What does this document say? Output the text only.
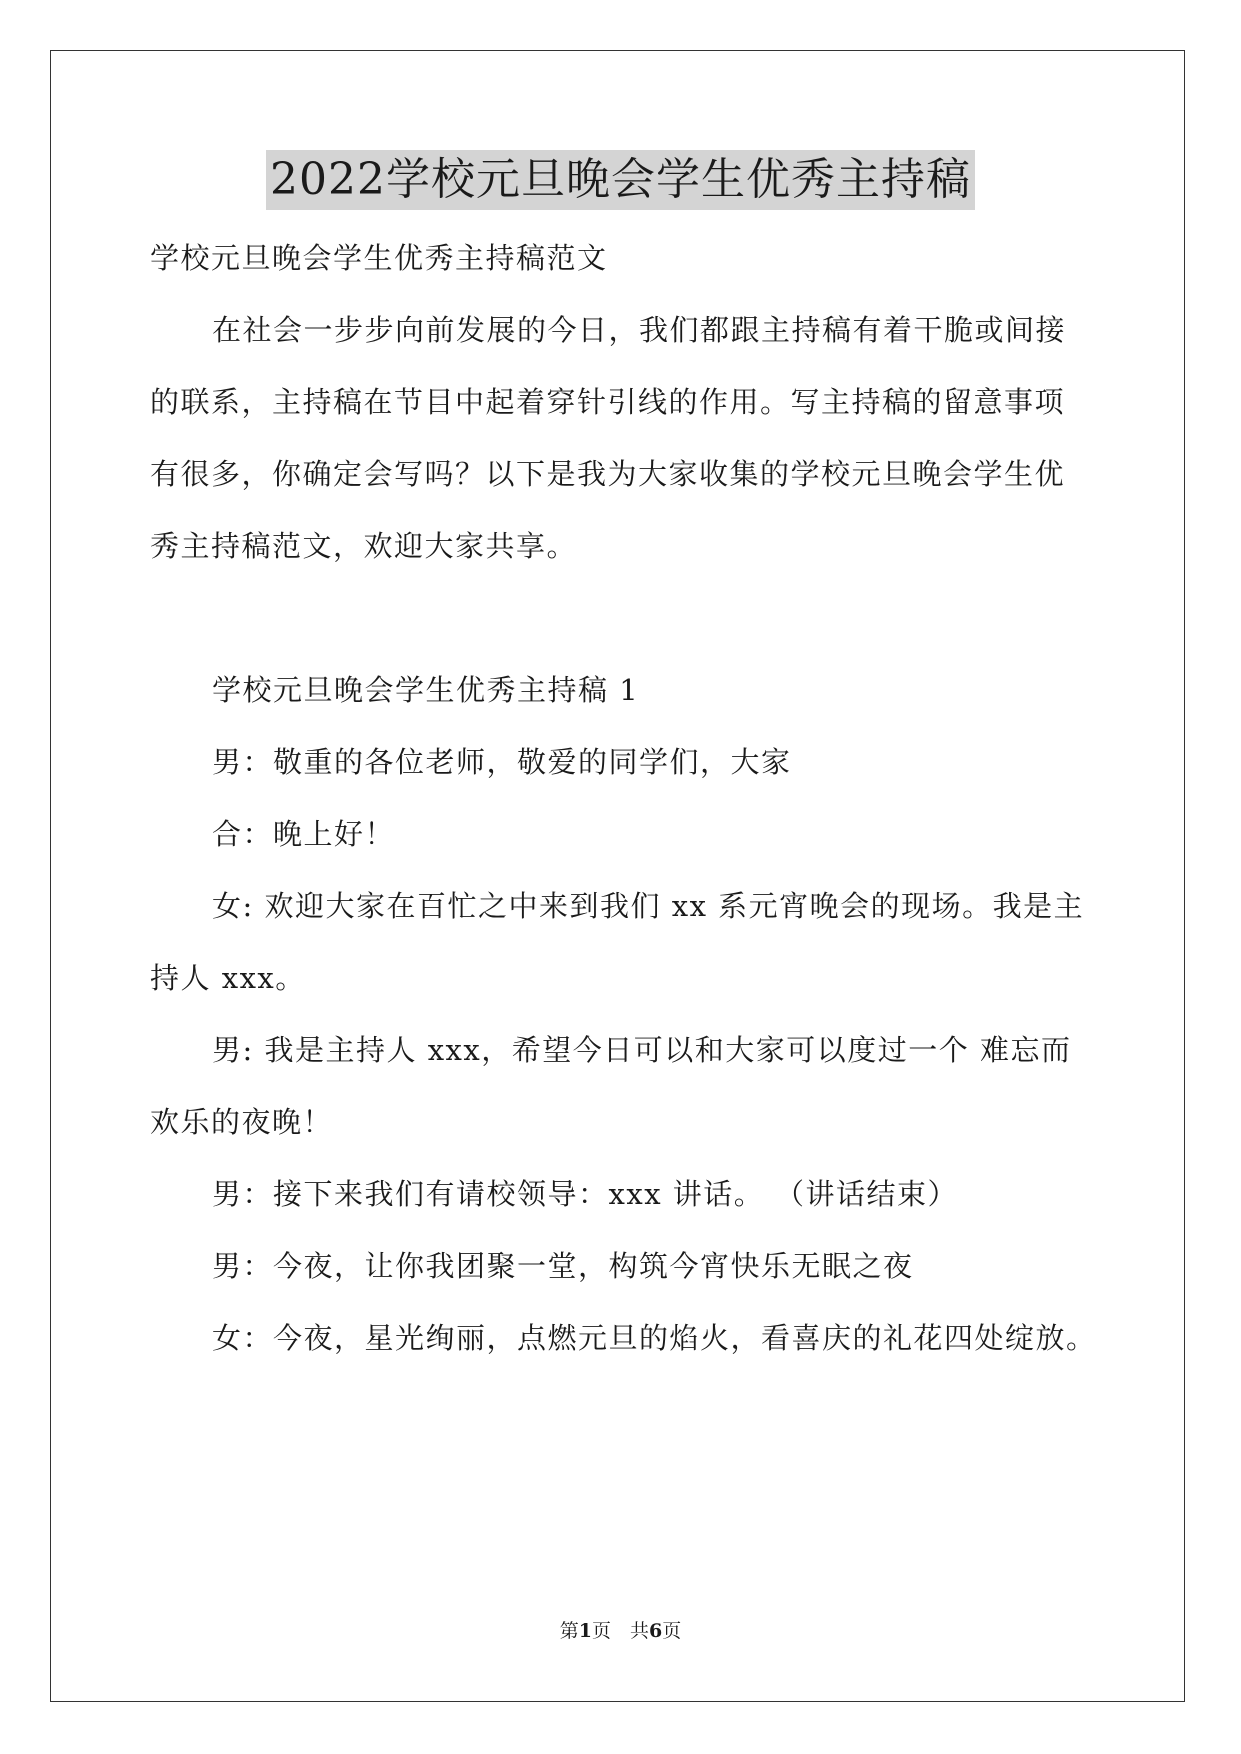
2022学校元旦晚会学生优秀主持稿
学校元旦晚会学生优秀主持稿范文
在社会一步步向前发展的今日，我们都跟主持稿有着干脆或间接
的联系，主持稿在节目中起着穿针引线的作用。写主持稿的留意事项
有很多，你确定会写吗？以下是我为大家收集的学校元旦晚会学生优
秀主持稿范文，欢迎大家共享。
学校元旦晚会学生优秀主持稿 1
男：敬重的各位老师，敬爱的同学们，大家
合：晚上好！
女: 欢迎大家在百忙之中来到我们 xx 系元宵晚会的现场。我是主
持人 xxx。
男: 我是主持人 xxx，希望今日可以和大家可以度过一个 难忘而
欢乐的夜晚！
男：接下来我们有请校领导：xxx 讲话。 （讲话结束）
男：今夜，让你我团聚一堂，构筑今宵快乐无眠之夜
女：今夜，星光绚丽，点燃元旦的焰火，看喜庆的礼花四处绽放。
第1页　共6页
